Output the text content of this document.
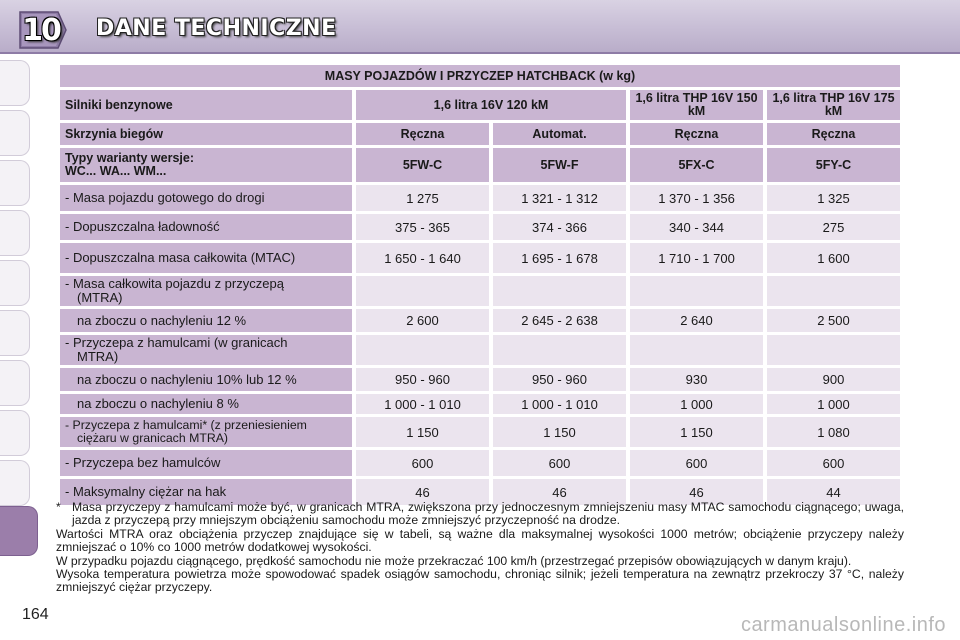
10 DANE TECHNICZNE
MASY POJAZDÓW I PRZYCZEP HATCHBACK (w kg)				
Silniki benzynowe	1,6 litra 16V 120 kM		1,6 litra THP 16V 150 kM	1,6 litra THP 16V 175 kM
Skrzynia biegów	Ręczna	Automat.	Ręczna	Ręczna

Typy warianty wersje:
WC... WA... WM...	5FW-C	5FW-F	5FX-C	5FY-C
- Masa pojazdu gotowego do drogi	1 275	1 321 - 1 312	1 370 - 1 356	1 325
- Dopuszczalna ładowność	375 - 365	374 - 366	340 - 344	275
- Dopuszczalna masa całkowita (MTAC)	1 650 - 1 640	1 695 - 1 678	1 710 - 1 700	1 600

- Masa całkowita pojazdu z przyczepą
(MTRA)				
na zboczu o nachyleniu 12 %	2 600	2 645 - 2 638	2 640	2 500

- Przyczepa z hamulcami (w granicach
MTRA)				
na zboczu o nachyleniu 10% lub 12 %	950 - 960	950 - 960	930	900
na zboczu o nachyleniu 8 %	1 000 - 1 010	1 000 - 1 010	1 000	1 000

- Przyczepa z hamulcami* (z przeniesieniem
ciężaru w granicach MTRA)	1 150	1 150	1 150	1 080
- Przyczepa bez hamulców	600	600	600	600
- Maksymalny ciężar na hak	46	46	46	44
* Masa przyczepy z hamulcami może być, w granicach MTRA, zwiększona przy jednoczesnym zmniejszeniu masy MTAC samochodu ciągnącego; uwaga, jazda z przyczepą przy mniejszym obciążeniu samochodu może zmniejszyć przyczepność na drodze.

Wartości MTRA oraz obciążenia przyczep znajdujące się w tabeli, są ważne dla maksymalnej wysokości 1000 metrów; obciążenie przyczepy należy zmniejszać o 10% co 1000 metrów dodatkowej wysokości.

W przypadku pojazdu ciągnącego, prędkość samochodu nie może przekraczać 100 km/h (przestrzegać przepisów obowiązujących w danym kraju).

Wysoka temperatura powietrza może spowodować spadek osiągów samochodu, chroniąc silnik; jeżeli temperatura na zewnątrz przekroczy 37 °C, należy zmniejszyć ciężar przyczepy.

164	carmanualsonline.info
